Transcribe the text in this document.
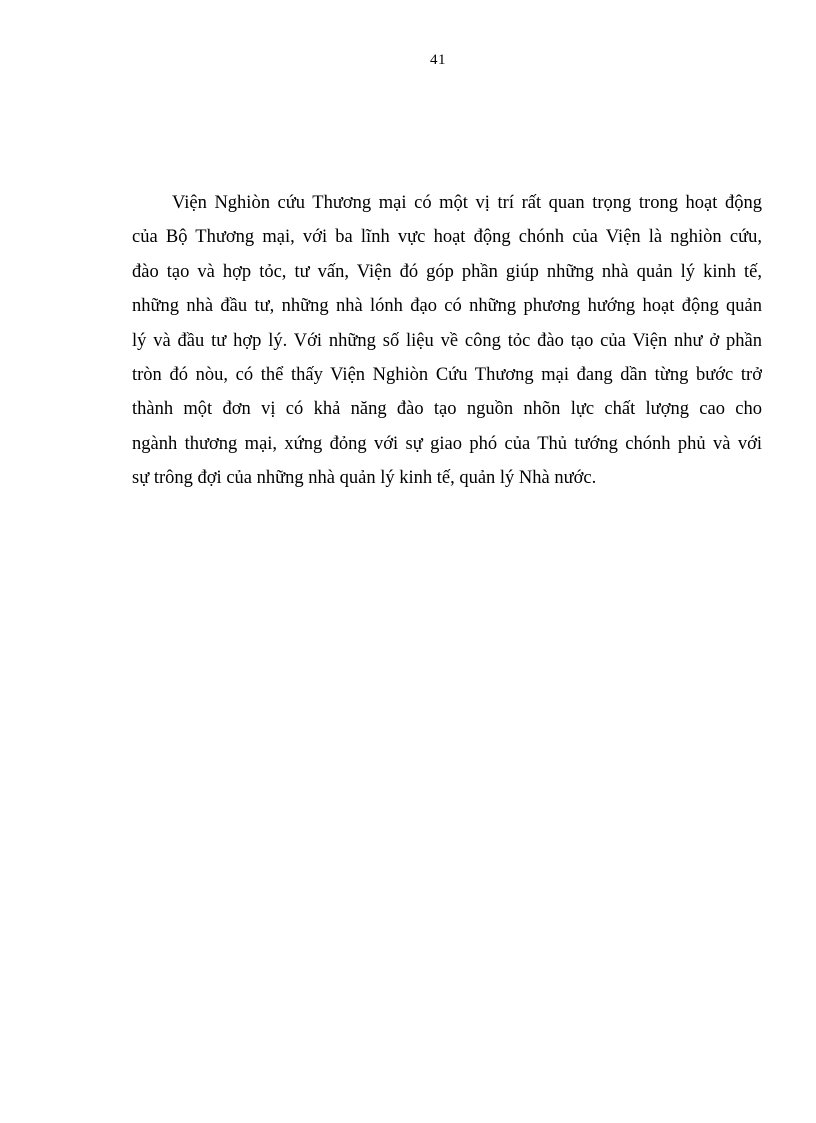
41
Viện Nghiòn cứu Thương mại có một vị trí rất quan trọng trong hoạt động
của Bộ Thương mại, với ba lĩnh vực hoạt động chónh của Viện là nghiòn cứu,
đào tạo và hợp tỏc, tư vấn, Viện đó góp phần giúp những nhà quản lý kinh tế,
những nhà đầu tư, những nhà lónh đạo có những phương hướng hoạt động quản
lý và đầu tư hợp lý. Với những số liệu về công tỏc đào tạo của Viện như ở phần
tròn đó nòu, có thể thấy Viện Nghiòn Cứu Thương mại đang dần từng bước trở
thành một đơn vị có khả năng đào tạo nguồn nhõn lực chất lượng cao cho
ngành thương mại, xứng đỏng với sự giao phó của Thủ tướng chónh phủ và với
sự trông đợi của những nhà quản lý kinh tế, quản lý Nhà nước.
